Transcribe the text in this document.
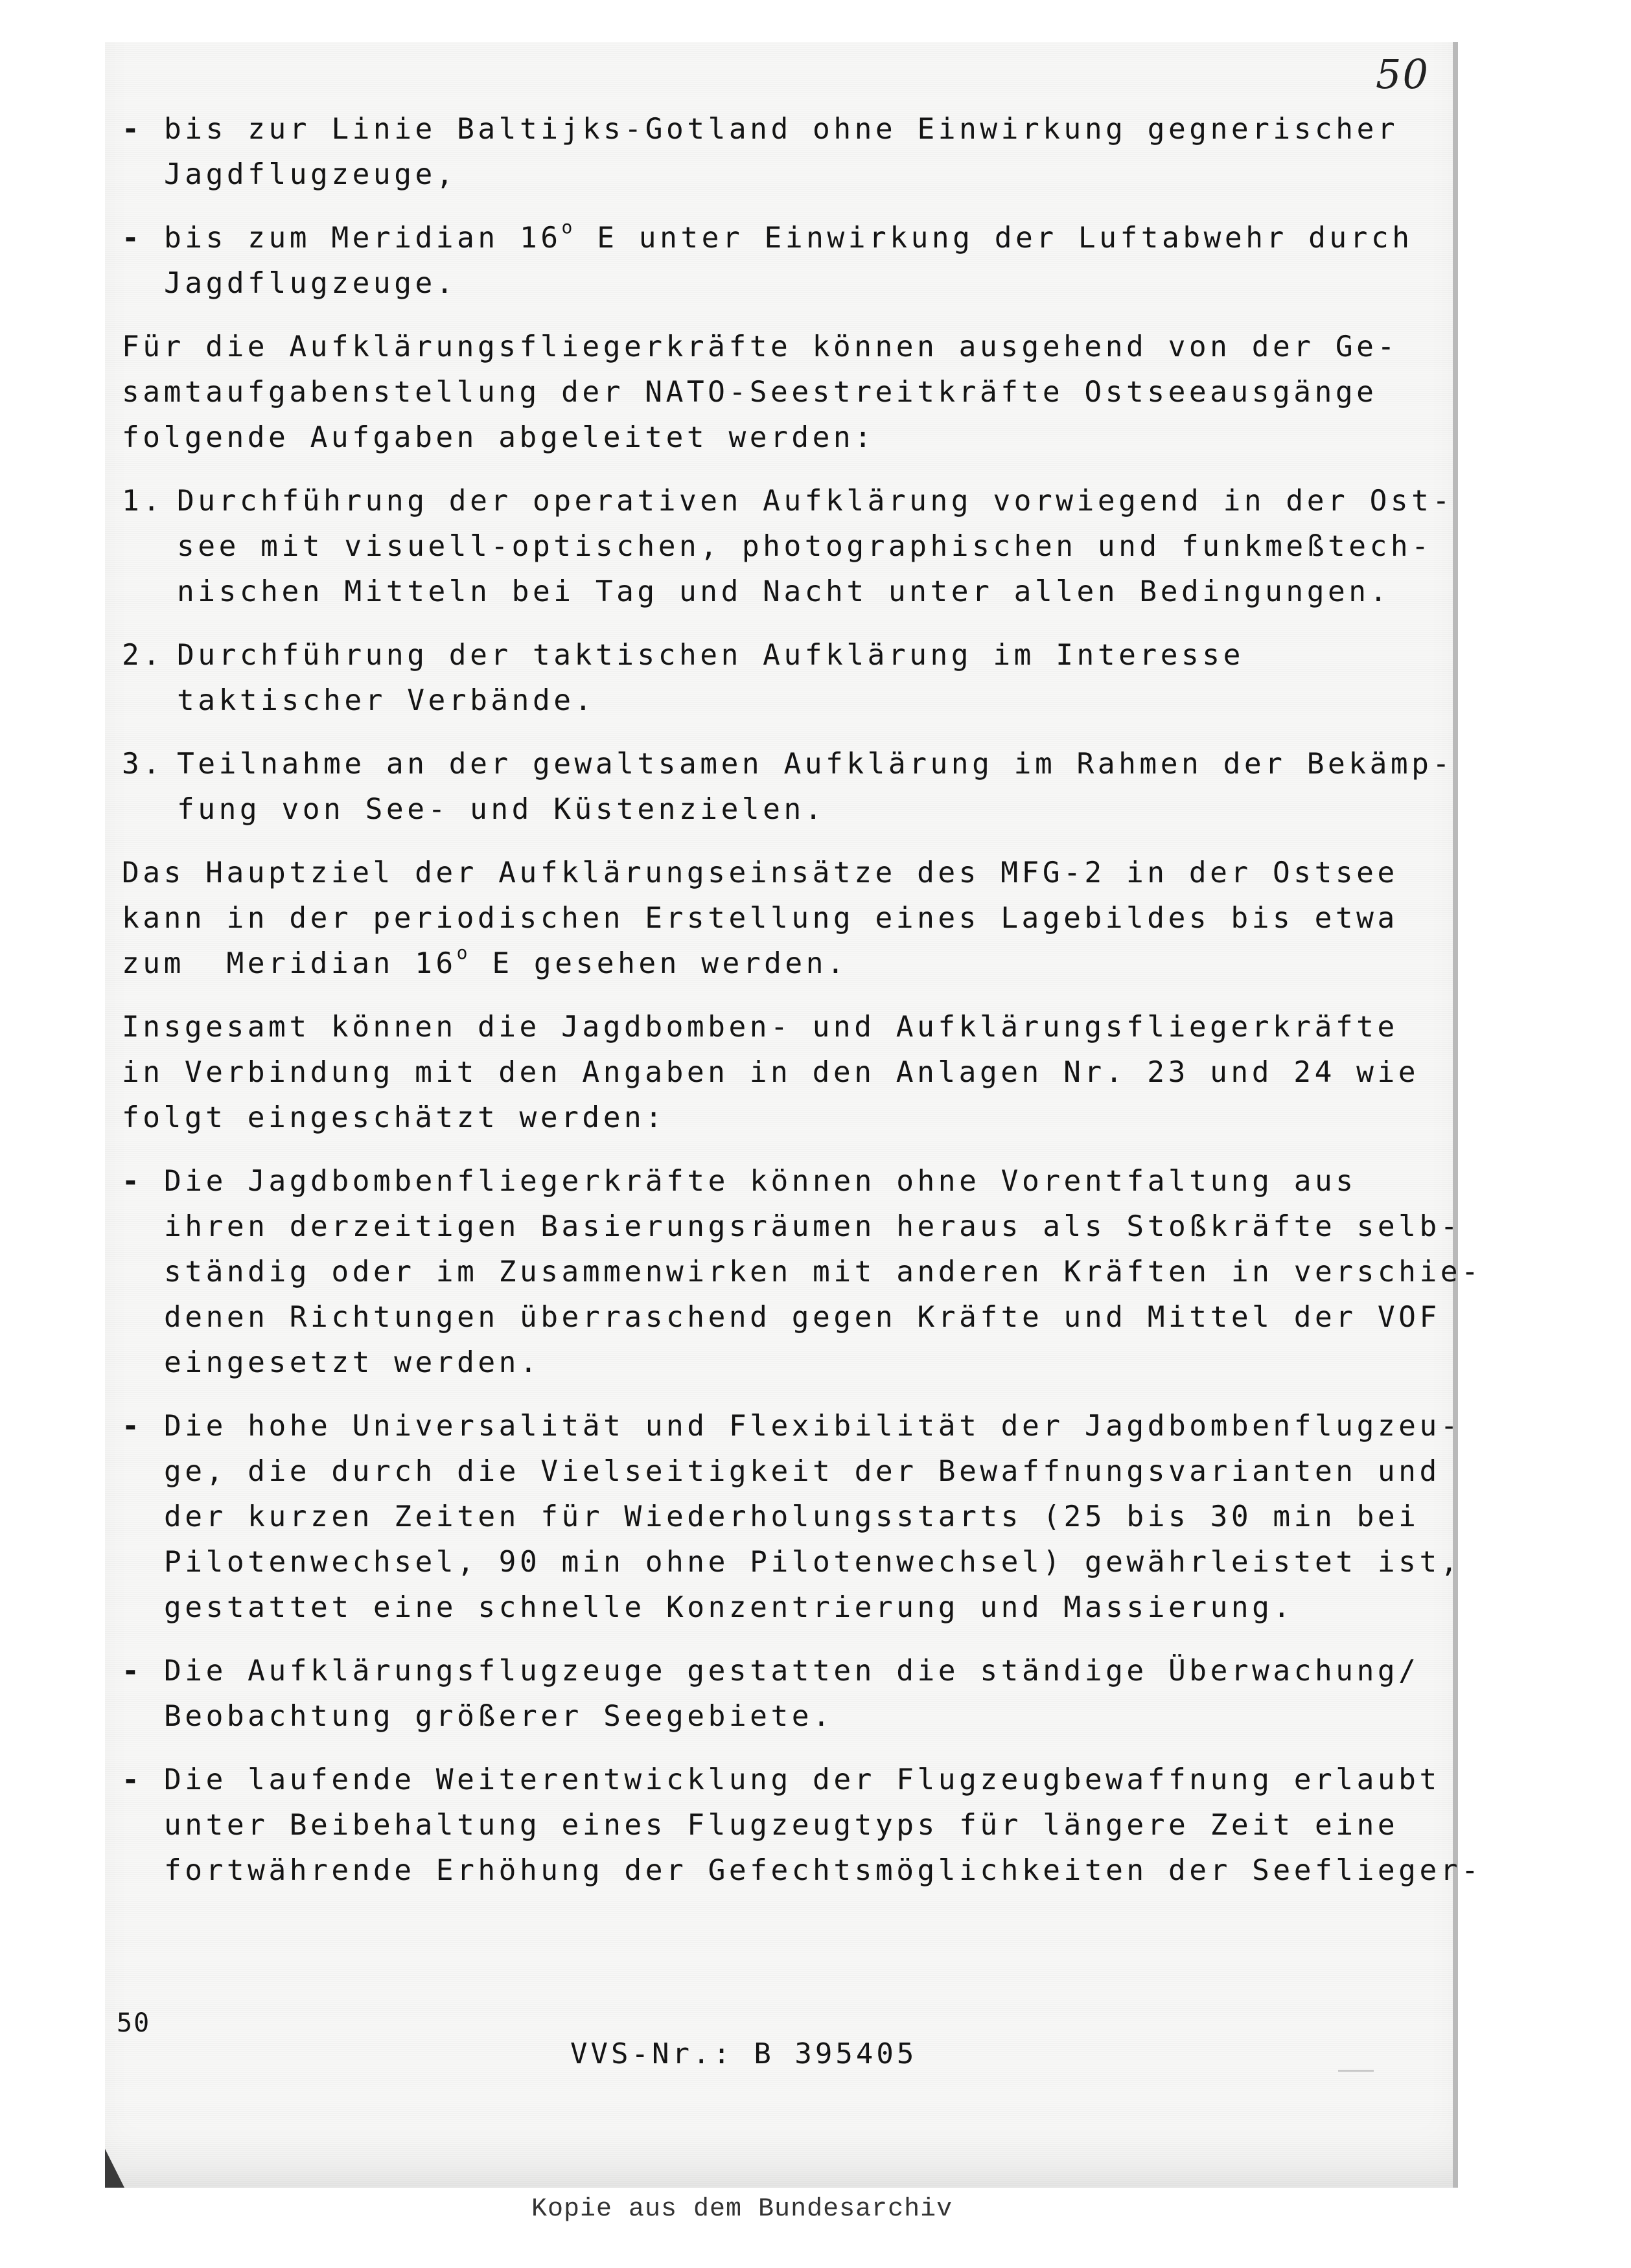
50
- bis zur Linie Baltijks-Gotland ohne Einwirkung gegnerischer
Jagdflugzeuge,
- bis zum Meridian 16$^o$ E unter Einwirkung der Luftabwehr durch
Jagdflugzeuge.
Für die Aufklärungsfliegerkräfte können ausgehend von der Ge-
samtaufgabenstellung der NATO-Seestreitkräfte Ostseeausgänge
folgende Aufgaben abgeleitet werden:
1. Durchführung der operativen Aufklärung vorwiegend in der Ost-
see mit visuell-optischen, photographischen und funkmeßtech-
nischen Mitteln bei Tag und Nacht unter allen Bedingungen.
2. Durchführung der taktischen Aufklärung im Interesse
taktischer Verbände.
3. Teilnahme an der gewaltsamen Aufklärung im Rahmen der Bekämp-
fung von See- und Küstenzielen.
Das Hauptziel der Aufklärungseinsätze des MFG-2 in der Ostsee
kann in der periodischen Erstellung eines Lagebildes bis etwa
zum  Meridian 16$^o$ E gesehen werden.
Insgesamt können die Jagdbomben- und Aufklärungsfliegerkräfte
in Verbindung mit den Angaben in den Anlagen Nr. 23 und 24 wie
folgt eingeschätzt werden:
- Die Jagdbombenfliegerkräfte können ohne Vorentfaltung aus
ihren derzeitigen Basierungsräumen heraus als Stoßkräfte selb-
ständig oder im Zusammenwirken mit anderen Kräften in verschie-
denen Richtungen überraschend gegen Kräfte und Mittel der VOF
eingesetzt werden.
- Die hohe Universalität und Flexibilität der Jagdbombenflugzeu-
ge, die durch die Vielseitigkeit der Bewaffnungsvarianten und
der kurzen Zeiten für Wiederholungsstarts (25 bis 30 min bei
Pilotenwechsel, 90 min ohne Pilotenwechsel) gewährleistet ist,
gestattet eine schnelle Konzentrierung und Massierung.
- Die Aufklärungsflugzeuge gestatten die ständige Überwachung/
Beobachtung größerer Seegebiete.
- Die laufende Weiterentwicklung der Flugzeugbewaffnung erlaubt
unter Beibehaltung eines Flugzeugtyps für längere Zeit eine
fortwährende Erhöhung der Gefechtsmöglichkeiten der Seeflieger-
50
VVS-Nr.: B 395405
Kopie aus dem Bundesarchiv
